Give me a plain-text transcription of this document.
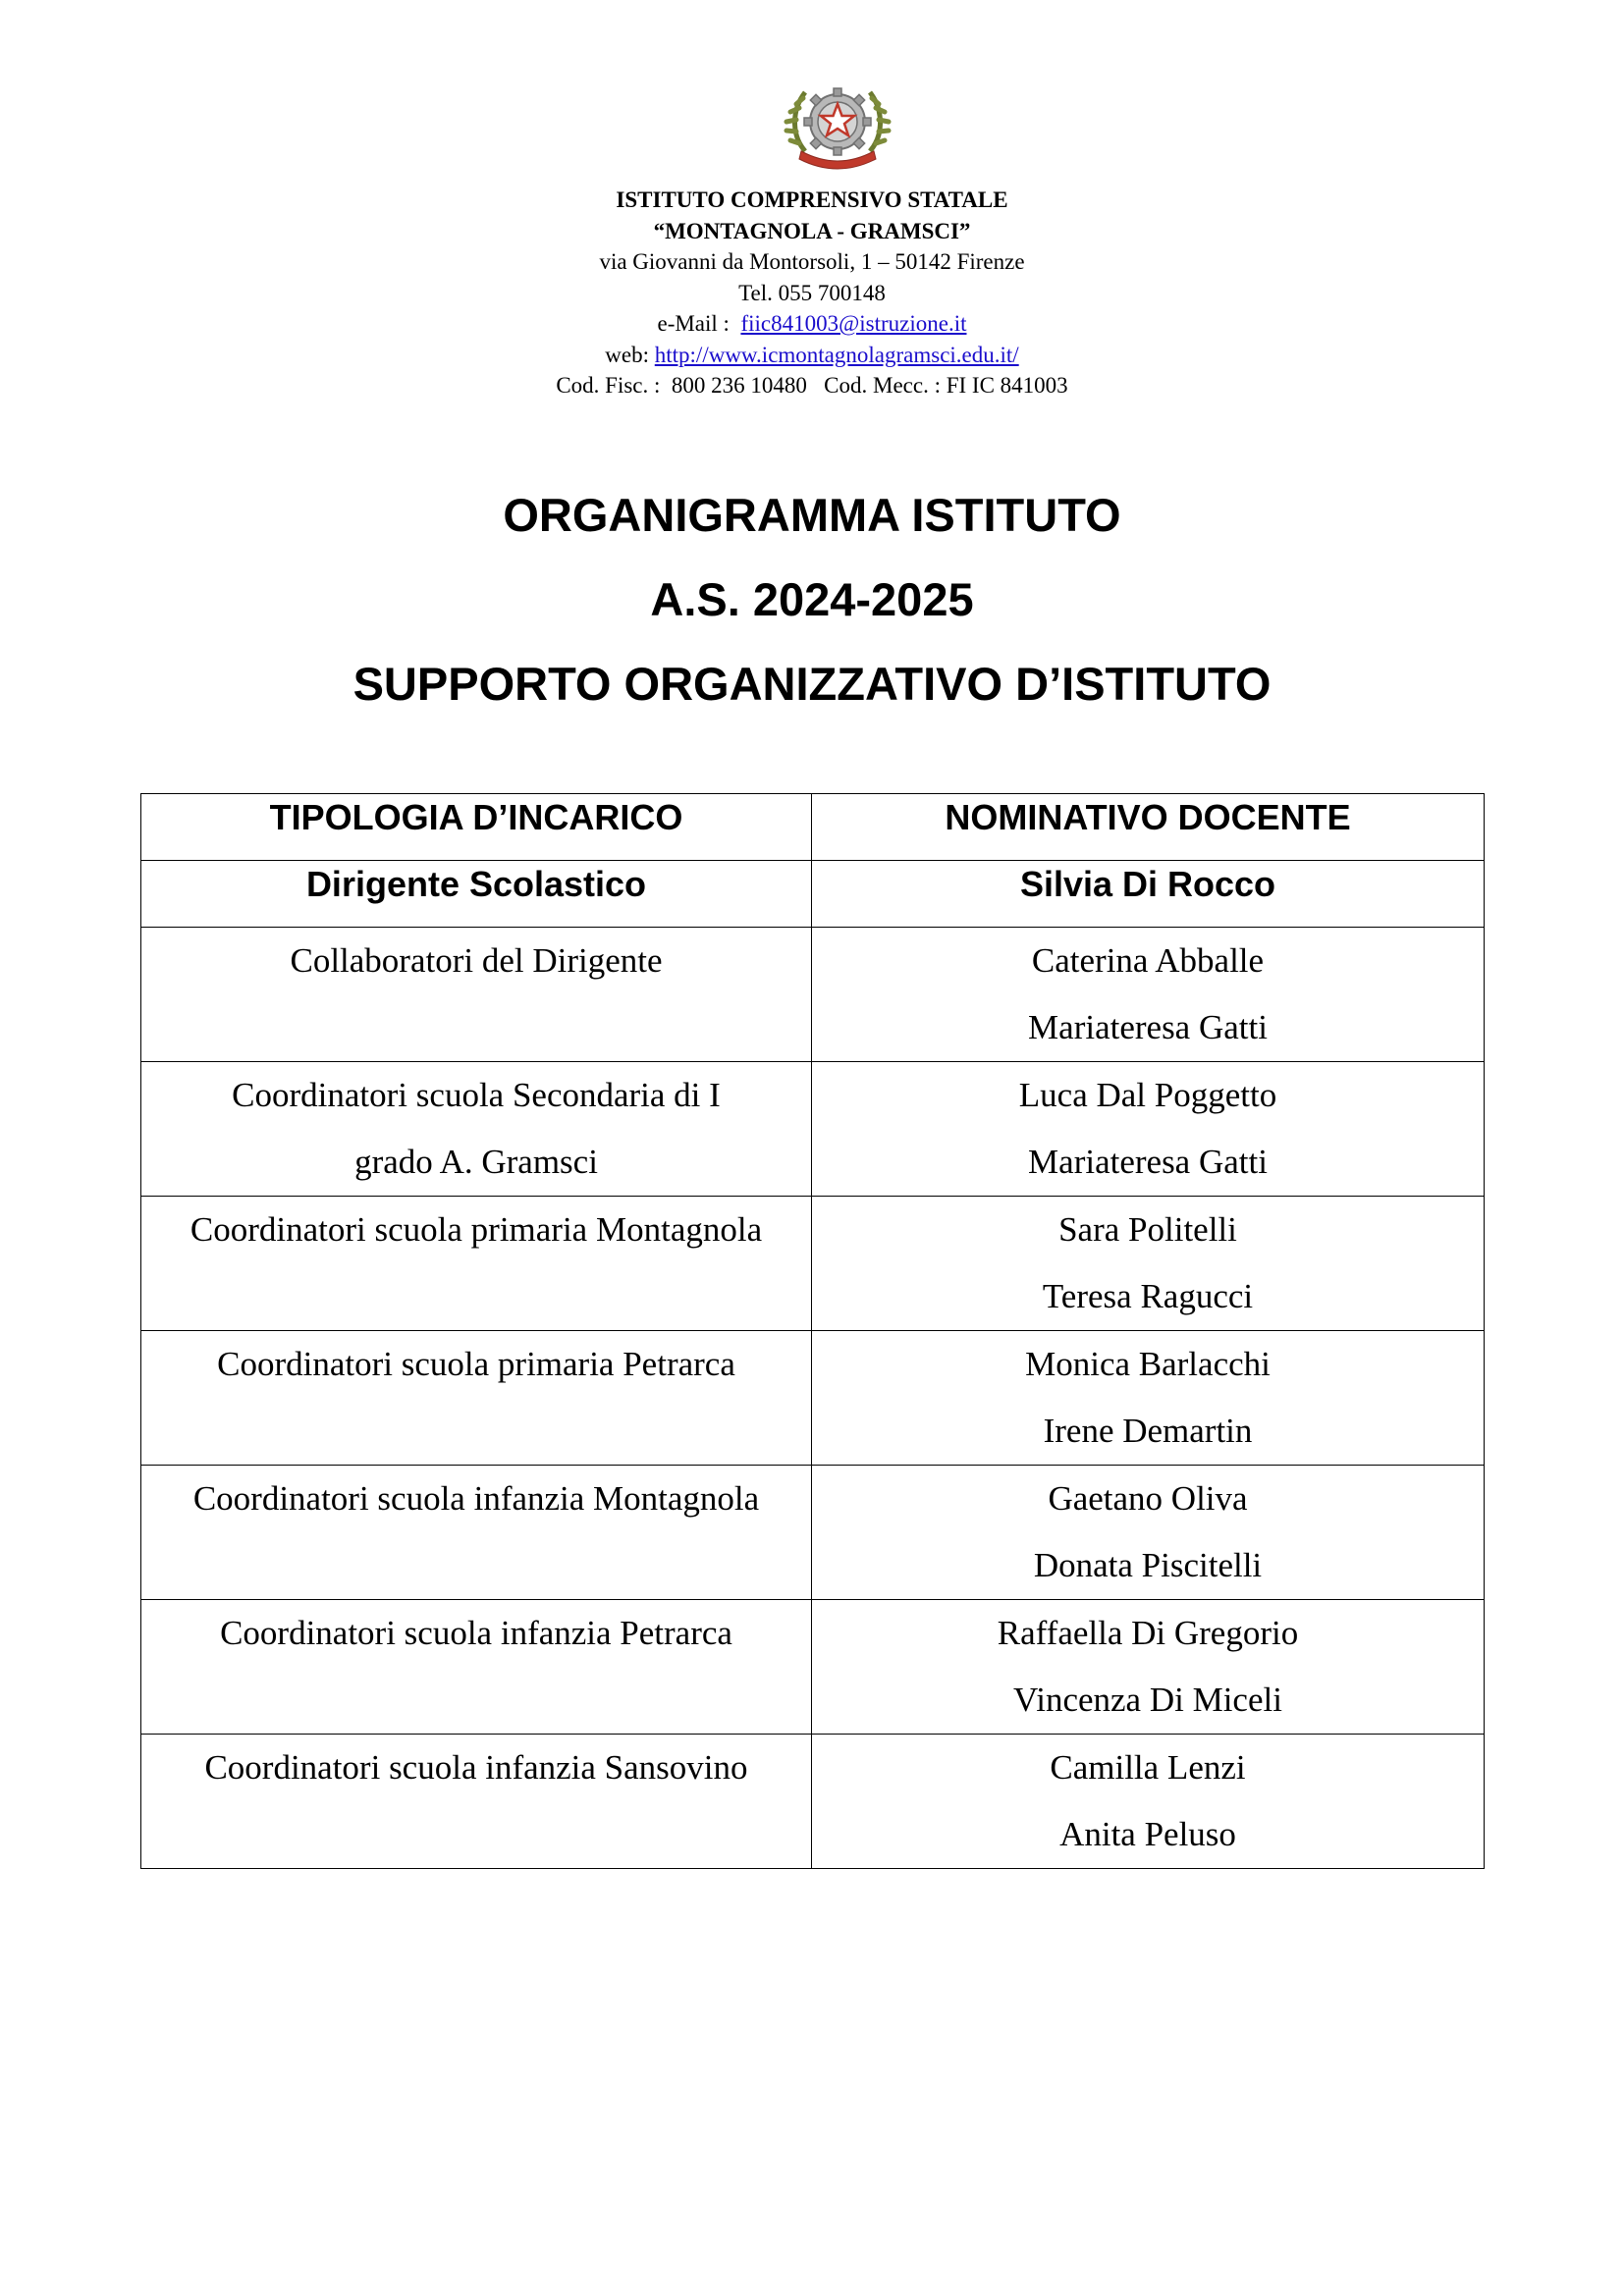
ISTITUTO COMPRENSIVO STATALE
“MONTAGNOLA - GRAMSCI”
via Giovanni da Montorsoli, 1 – 50142 Firenze
Tel. 055 700148
e-Mail : fiic841003@istruzione.it
web: http://www.icmontagnolagramsci.edu.it/
Cod. Fisc. :  800 236 10480   Cod. Mecc. : FI IC 841003
ORGANIGRAMMA ISTITUTO
A.S. 2024-2025
SUPPORTO ORGANIZZATIVO D’ISTITUTO
TIPOLOGIA D’INCARICO	NOMINATIVO DOCENTE
Dirigente Scolastico	Silvia Di Rocco

Collaboratori del Dirigente	Caterina Abballe
Mariateresa Gatti

Coordinatori scuola Secondaria di I
grado A. Gramsci	Luca Dal Poggetto
Mariateresa Gatti

Coordinatori scuola primaria Montagnola	Sara Politelli
Teresa Ragucci

Coordinatori scuola primaria Petrarca	Monica Barlacchi
Irene Demartin

Coordinatori scuola infanzia Montagnola	Gaetano Oliva
Donata Piscitelli

Coordinatori scuola infanzia Petrarca	Raffaella Di Gregorio
Vincenza Di Miceli

Coordinatori scuola infanzia Sansovino	Camilla Lenzi
Anita Peluso
